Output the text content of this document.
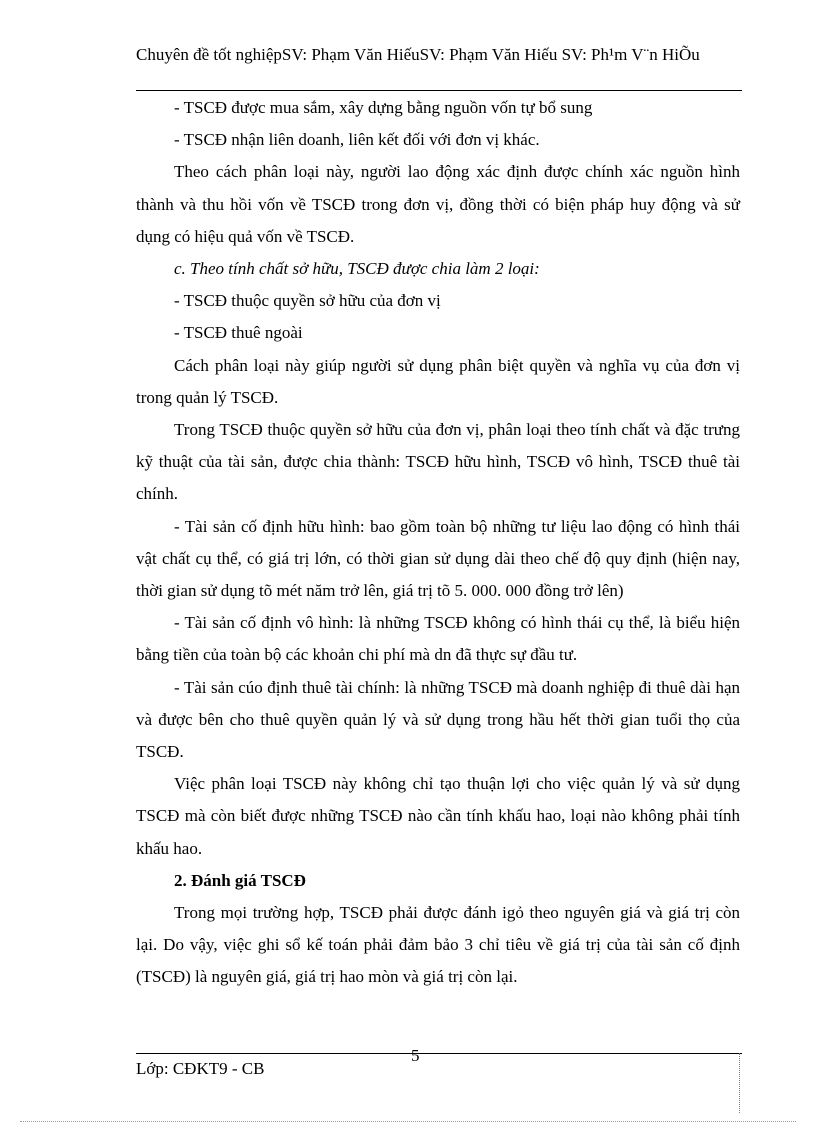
Chuyên đề tốt nghiệpSV: Phạm Văn HiếuSV: Phạm Văn Hiếu SV: Ph¹m V¨n HiÕu

- TSCĐ được mua sắm, xây dựng bằng nguồn vốn tự bổ sung

- TSCĐ nhận liên doanh, liên kết đối với đơn vị khác.

Theo cách phân loại này, người lao động xác định được chính xác nguồn hình thành và thu hồi vốn về TSCĐ trong đơn vị, đồng thời có biện pháp huy động và sử dụng có hiệu quả vốn về TSCĐ.

c. Theo tính chất sở hữu, TSCĐ được chia làm 2 loại:

- TSCĐ thuộc quyền sở hữu của đơn vị

- TSCĐ thuê ngoài

Cách phân loại này giúp người sử dụng phân biệt quyền và nghĩa vụ của đơn vị trong quản lý TSCĐ.

Trong TSCĐ thuộc quyền sở hữu của đơn vị, phân loại theo tính chất và đặc trưng kỹ thuật của tài sản, được chia thành: TSCĐ hữu hình, TSCĐ vô hình, TSCĐ thuê tài chính.

- Tài sản cố định hữu hình: bao gồm toàn bộ những tư liệu lao động có hình thái vật chất cụ thể, có giá trị lớn, có thời gian sử dụng dài theo chế độ quy định (hiện nay, thời gian sử dụng tõ mét năm trở lên, giá trị tõ 5. 000. 000 đồng trở lên)

- Tài sản cố định vô hình: là những TSCĐ không có hình thái cụ thể, là biểu hiện bằng tiền của toàn bộ các khoản chi phí mà dn đã thực sự đầu tư.

- Tài sản cúo định thuê tài chính: là những TSCĐ mà doanh nghiệp đi thuê dài hạn và được bên cho thuê quyền quản lý và sử dụng trong hầu hết thời gian tuổi thọ của TSCĐ.

Việc phân loại TSCĐ này không chỉ tạo thuận lợi cho việc quản lý và sử dụng TSCĐ mà còn biết được những TSCĐ nào cần tính khấu hao, loại nào không phải tính khấu hao.

2. Đánh giá TSCĐ

Trong mọi trường hợp, TSCĐ phải được đánh igỏ theo nguyên giá và giá trị còn lại. Do vậy, việc ghi sổ kế toán phải đảm bảo 3 chỉ tiêu về giá trị của tài sản cố định (TSCĐ) là nguyên giá, giá trị hao mòn và giá trị còn lại.

5
Lớp: CĐKT9 - CB
